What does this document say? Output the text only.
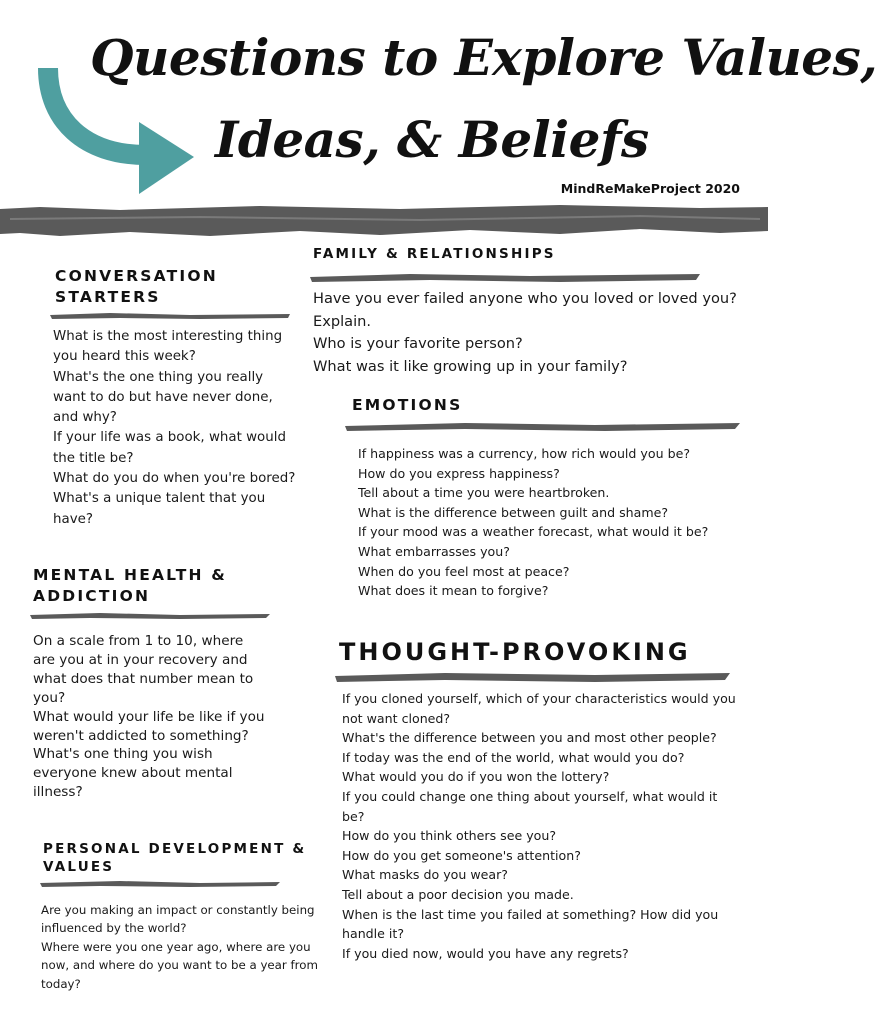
Questions to Explore Values,
Ideas, & Beliefs
MindReMakeProject 2020
CONVERSATION
STARTERS
What is the most interesting thing you heard this week?
What's the one thing you really want to do but have never done, and why?
If your life was a book, what would the title be?
What do you do when you're bored?
What's a unique talent that you have?
MENTAL HEALTH &
ADDICTION
On a scale from 1 to 10, where are you at in your recovery and what does that number mean to you?
What would your life be like if you weren't addicted to something?
What's one thing you wish everyone knew about mental illness?
PERSONAL DEVELOPMENT &
VALUES
Are you making an impact or constantly being influenced by the world?
Where were you one year ago, where are you now, and where do you want to be a year from today?
FAMILY & RELATIONSHIPS
Have you ever failed anyone who you loved or loved you? Explain.
Who is your favorite person?
What was it like growing up in your family?
EMOTIONS
If happiness was a currency, how rich would you be?
How do you express happiness?
Tell about a time you were heartbroken.
What is the difference between guilt and shame?
If your mood was a weather forecast, what would it be?
What embarrasses you?
When do you feel most at peace?
What does it mean to forgive?
THOUGHT-PROVOKING
If you cloned yourself, which of your characteristics would you not want cloned?
What's the difference between you and most other people?
If today was the end of the world, what would you do?
What would you do if you won the lottery?
If you could change one thing about yourself, what would it be?
How do you think others see you?
How do you get someone's attention?
What masks do you wear?
Tell about a poor decision you made.
When is the last time you failed at something? How did you handle it?
If you died now, would you have any regrets?
